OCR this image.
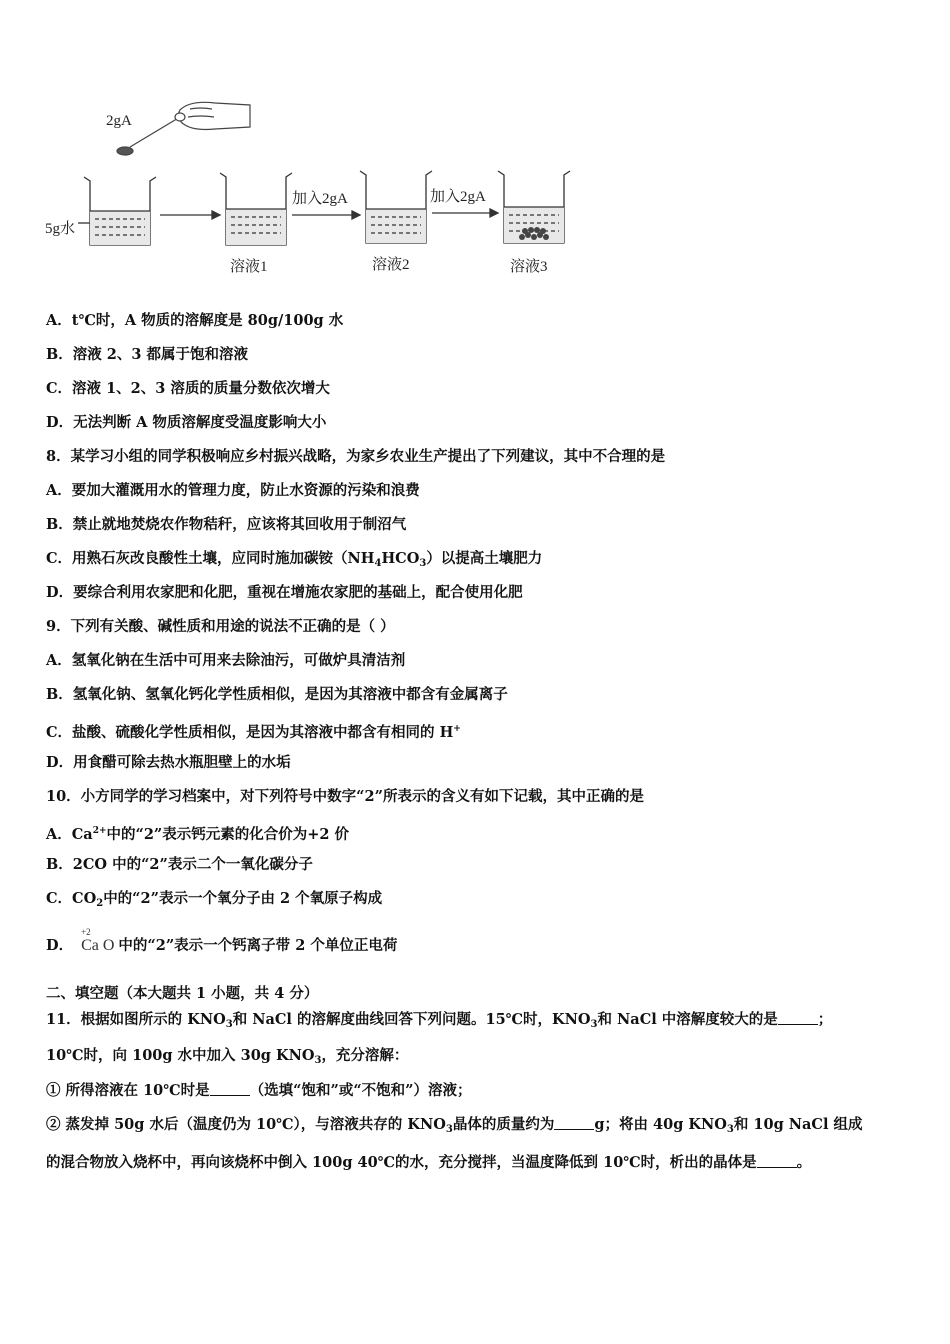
2gA
5g水
加入2gA	加入2gA
溶液1	溶液2	溶液3
A．t℃时，A 物质的溶解度是 80g/100g 水
B．溶液 2、3 都属于饱和溶液
C．溶液 1、2、3 溶质的质量分数依次增大
D．无法判断 A 物质溶解度受温度影响大小
8．某学习小组的同学积极响应乡村振兴战略，为家乡农业生产提出了下列建议，其中不合理的是
A．要加大灌溉用水的管理力度，防止水资源的污染和浪费
B．禁止就地焚烧农作物秸秆，应该将其回收用于制沼气
C．用熟石灰改良酸性土壤，应同时施加碳铵$(NH_4HCO_3)$以提高土壤肥力
D．要综合利用农家肥和化肥，重视在增施农家肥的基础上，配合使用化肥
9．下列有关酸、碱性质和用途的说法不正确的是（ ）
A．氢氧化钠在生活中可用来去除油污，可做炉具清洁剂
B．氢氧化钠、氢氧化钙化学性质相似，是因为其溶液中都含有金属离子
C．盐酸、硫酸化学性质相似，是因为其溶液中都含有相同的 H+
D．用食醋可除去热水瓶胆壁上的水垢
10．小方同学的学习档案中，对下列符号中数字“2”所表示的含义有如下记载，其中正确的是
A．$Ca^{2+}$中的“2”表示钙元素的化合价为+2 价
B．2CO 中的“2”表示二个一氧化碳分子
C．$CO_2$中的“2”表示一个氧分子由 2 个氧原子构成
D．
+2
Ca O 中的“2”表示一个钙离子带 2 个单位正电荷
二、填空题（本大题共 1 小题，共 4 分）
11．根据如图所示的 $KNO_3$和 NaCl 的溶解度曲线回答下列问题。15℃时，$KNO_3$和 NaCl 中溶解度较大的是	；
10℃时，向 100g 水中加入 30g $KNO_3$，充分溶解：
① 所得溶液在 10℃时是	（选填“饱和”或“不饱和”）溶液；
② 蒸发掉 50g 水后（温度仍为 10℃），与溶液共存的 $KNO_3$晶体的质量约为	g；将由 40g $KNO_3$和 10g NaCl 组成
的混合物放入烧杯中，再向该烧杯中倒入 100g 40℃的水，充分搅拌，当温度降低到 10℃时，析出的晶体是	。
